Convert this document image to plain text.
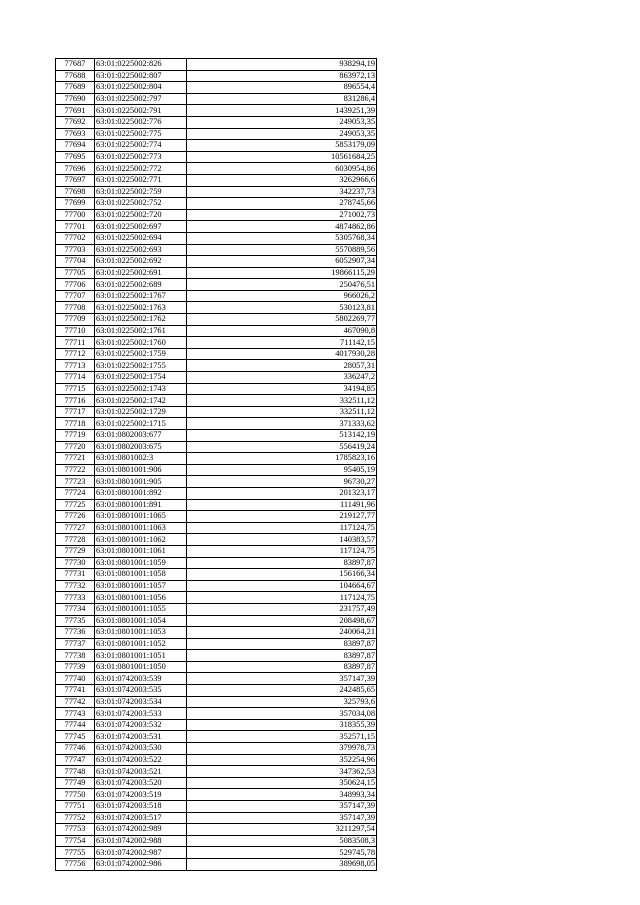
77687	63:01:0225002:826	938294,19
77688	63:01:0225002:807	863972,13
77689	63:01:0225002:804	896554,4
77690	63:01:0225002:797	831286,4
77691	63:01:0225002:791	1439251,39
77692	63:01:0225002:776	249053,35
77693	63:01:0225002:775	249053,35
77694	63:01:0225002:774	5853179,09
77695	63:01:0225002:773	10561684,25
77696	63:01:0225002:772	6030954,86
77697	63:01:0225002:771	3262966,6
77698	63:01:0225002:759	342237,73
77699	63:01:0225002:752	278745,66
77700	63:01:0225002:720	271002,73
77701	63:01:0225002:697	4874862,86
77702	63:01:0225002:694	5305768,34
77703	63:01:0225002:693	5570889,56
77704	63:01:0225002:692	6052907,34
77705	63:01:0225002:691	19866115,29
77706	63:01:0225002:689	250476,51
77707	63:01:0225002:1767	966026,2
77708	63:01:0225002:1763	530123,81
77709	63:01:0225002:1762	5802269,77
77710	63:01:0225002:1761	467090,8
77711	63:01:0225002:1760	711142,15
77712	63:01:0225002:1759	4017930,28
77713	63:01:0225002:1755	28057,31
77714	63:01:0225002:1754	336247,2
77715	63:01:0225002:1743	34194,85
77716	63:01:0225002:1742	332511,12
77717	63:01:0225002:1729	332511,12
77718	63:01:0225002:1715	371333,62
77719	63:01:0802003:677	513142,19
77720	63:01:0802003:675	556419,24
77721	63:01:0801002:3	1785823,16
77722	63:01:0801001:906	95405,19
77723	63:01:0801001:905	96730,27
77724	63:01:0801001:892	201323,17
77725	63:01:0801001:891	111491,96
77726	63:01:0801001:1065	219127,77
77727	63:01:0801001:1063	117124,75
77728	63:01:0801001:1062	140383,57
77729	63:01:0801001:1061	117124,75
77730	63:01:0801001:1059	83897,87
77731	63:01:0801001:1058	156166,34
77732	63:01:0801001:1057	104664,67
77733	63:01:0801001:1056	117124,75
77734	63:01:0801001:1055	231757,49
77735	63:01:0801001:1054	208498,67
77736	63:01:0801001:1053	240064,21
77737	63:01:0801001:1052	83897,87
77738	63:01:0801001:1051	83897,87
77739	63:01:0801001:1050	83897,87
77740	63:01:0742003:539	357147,39
77741	63:01:0742003:535	242485,65
77742	63:01:0742003:534	325793,6
77743	63:01:0742003:533	357034,08
77744	63:01:0742003:532	318355,39
77745	63:01:0742003:531	352571,15
77746	63:01:0742003:530	379978,73
77747	63:01:0742003:522	352254,96
77748	63:01:0742003:521	347362,53
77749	63:01:0742003:520	350624,15
77750	63:01:0742003:519	348993,34
77751	63:01:0742003:518	357147,39
77752	63:01:0742003:517	357147,39
77753	63:01:0742002:989	3211297,54
77754	63:01:0742002:988	5083508,3
77755	63:01:0742002:987	529745,78
77756	63:01:0742002:986	389698,05
